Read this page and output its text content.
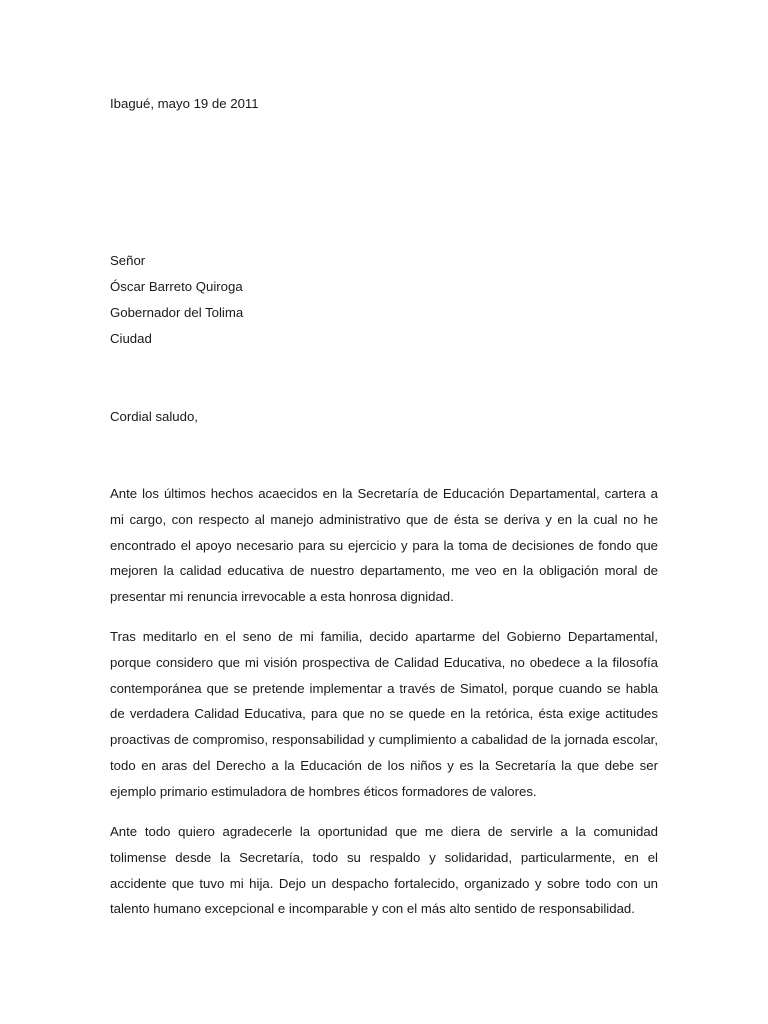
Ibagué, mayo 19 de 2011
Señor
Óscar Barreto Quiroga
Gobernador del Tolima
Ciudad
Cordial saludo,

Ante los últimos hechos acaecidos en la Secretaría de Educación Departamental, cartera a mi cargo, con respecto al manejo administrativo que de ésta se deriva y en la cual no he encontrado el apoyo necesario para su ejercicio y para la toma de decisiones de fondo que mejoren la calidad educativa de nuestro departamento, me veo en la obligación moral de presentar mi renuncia irrevocable a esta honrosa dignidad.

Tras meditarlo en el seno de mi familia, decido apartarme del Gobierno Departamental, porque considero que mi visión prospectiva de Calidad Educativa, no obedece a la filosofía contemporánea que se pretende implementar a través de Simatol, porque cuando se habla de verdadera Calidad Educativa, para que no se quede en la retórica, ésta exige actitudes proactivas de compromiso, responsabilidad y cumplimiento a cabalidad de la jornada escolar, todo en aras del Derecho a la Educación de los niños y es la Secretaría la que debe ser ejemplo primario estimuladora de hombres éticos formadores de valores.

Ante todo quiero agradecerle la oportunidad que me diera de servirle a la comunidad tolimense desde la Secretaría, todo su respaldo y solidaridad, particularmente, en el accidente que tuvo mi hija. Dejo un despacho fortalecido, organizado y sobre todo con un talento humano excepcional e incomparable y con el más alto sentido de responsabilidad.
